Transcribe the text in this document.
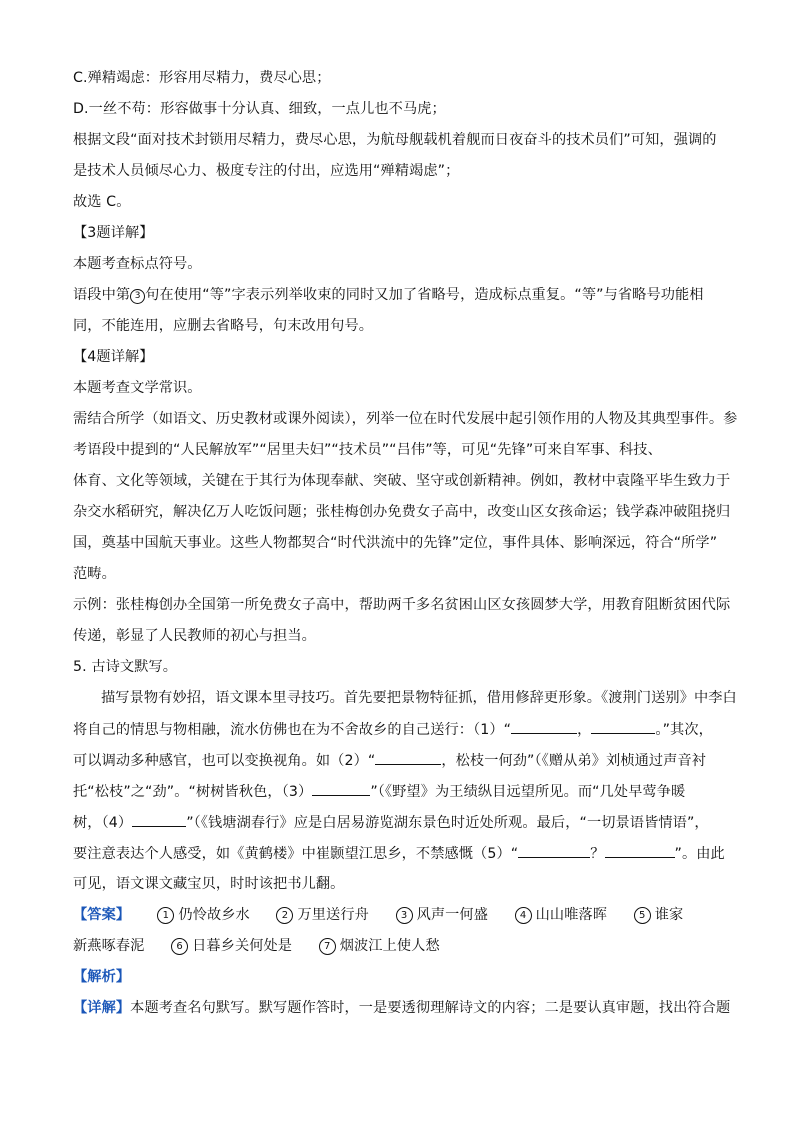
C.殚精竭虑：形容用尽精力，费尽心思；
D.一丝不苟：形容做事十分认真、细致，一点儿也不马虎；
根据文段“面对技术封锁用尽精力，费尽心思，为航母舰载机着舰而日夜奋斗的技术员们”可知，强调的
是技术人员倾尽心力、极度专注的付出，应选用“殚精竭虑”；
故选 C。
【3题详解】
本题考查标点符号。
语段中第 3 句在使用“等”字表示列举收束的同时又加了省略号，造成标点重复。“等”与省略号功能相
同，不能连用，应删去省略号，句末改用句号。
【4题详解】
本题考查文学常识。
需结合所学（如语文、历史教材或课外阅读），列举一位在时代发展中起引领作用的人物及其典型事件。参
考语段中提到的“人民解放军”“居里夫妇”“技术员”“吕伟”等，可见“先锋”可来自军事、科技、
体育、文化等领域，关键在于其行为体现奉献、突破、坚守或创新精神。例如，教材中袁隆平毕生致力于
杂交水稻研究，解决亿万人吃饭问题；张桂梅创办免费女子高中，改变山区女孩命运；钱学森冲破阻挠归
国，奠基中国航天事业。这些人物都契合“时代洪流中的先锋”定位，事件具体、影响深远，符合“所学”
范畴。
示例：张桂梅创办全国第一所免费女子高中，帮助两千多名贫困山区女孩圆梦大学，用教育阻断贫困代际
传递，彰显了人民教师的初心与担当。
5. 古诗文默写。
描写景物有妙招，语文课本里寻技巧。首先要把景物特征抓，借用修辞更形象。《渡荆门送别》中李白
将自己的情思与物相融，流水仿佛也在为不舍故乡的自己送行：（1）“	，	。”其次，
可以调动多种感官，也可以变换视角。如（2）“	，松枝一何劲”（《赠从弟》刘桢通过声音衬
托“松枝”之“劲”。“树树皆秋色，（3）	”（《野望》为王绩纵目远望所见。而“几处早莺争暖
树，（4）	”（《钱塘湖春行》应是白居易游览湖东景色时近处所观。最后，“一切景语皆情语”，
要注意表达个人感受，如《黄鹤楼》中崔颢望江思乡，不禁感慨（5）“	？	”。由此
可见，语文课文藏宝贝，时时该把书儿翻。
【答案】	1 仍怜故乡水	2 万里送行舟	3 风声一何盛	4 山山唯落晖	5 谁家
新燕啄春泥	6 日暮乡关何处是	7 烟波江上使人愁
【解析】
【详解】本题考查名句默写。默写题作答时，一是要透彻理解诗文的内容；二是要认真审题，找出符合题
